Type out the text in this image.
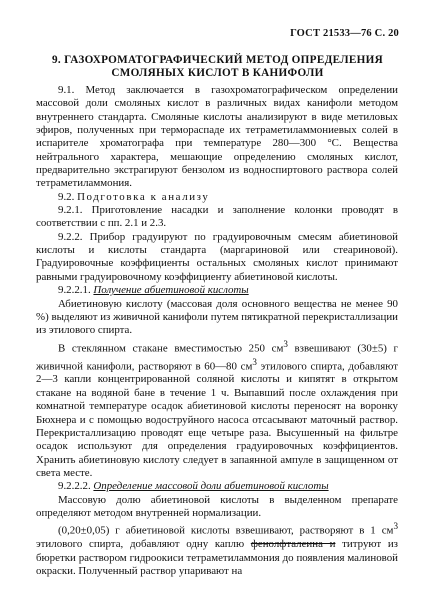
ГОСТ 21533—76 С. 20
9. ГАЗОХРОМАТОГРАФИЧЕСКИЙ МЕТОД ОПРЕДЕЛЕНИЯ
СМОЛЯНЫХ КИСЛОТ В КАНИФОЛИ

9.1. Метод заключается в газохроматографическом определении массовой доли смоляных кислот в различных видах канифоли методом внутреннего стандарта. Смоляные кислоты анализируют в виде метиловых эфиров, полученных при термораспаде их тетраметиламмониевых солей в испарителе хроматографа при температуре 280—300 °С. Вещества нейтрального характера, мешающие определению смоляных кислот, предварительно экстрагируют бензолом из водноспиртового раствора солей тетраметиламмония.

9.2. Подготовка к анализу

9.2.1. Приготовление насадки и заполнение колонки проводят в соответствии с пп. 2.1 и 2.3.

9.2.2. Прибор градуируют по градуировочным смесям абиетиновой кислоты и кислоты стандарта (маргариновой или стеариновой). Градуировочные коэффициенты остальных смоляных кислот принимают равными градуировочному коэффициенту абиетиновой кислоты.

9.2.2.1. Получение абиетиновой кислоты

Абиетиновую кислоту (массовая доля основного вещества не менее 90 %) выделяют из живичной канифоли путем пятикратной перекристаллизации из этилового спирта.

В стеклянном стакане вместимостью 250 $см^3$ взвешивают (30±5) г живичной канифоли, растворяют в 60—80 $см^3$ этилового спирта, добавляют 2—3 капли концентрированной соляной кислоты и кипятят в открытом стакане на водяной бане в течение 1 ч. Выпавший после охлаждения при комнатной температуре осадок абиетиновой кислоты переносят на воронку Бюхнера и с помощью водоструйного насоса отсасывают маточный раствор. Перекристаллизацию проводят еще четыре раза. Высушенный на фильтре осадок используют для определения градуировочных коэффициентов. Хранить абиетиновую кислоту следует в запаянной ампуле в защищенном от света месте.

9.2.2.2. Определение массовой доли абиетиновой кислоты

Массовую долю абиетиновой кислоты в выделенном препарате определяют методом внутренней нормализации.

(0,20±0,05) г абиетиновой кислоты взвешивают, растворяют в 1 $см^3$ этилового спирта, добавляют одну каплю фенолфталеина и титруют из бюретки раствором гидроокиси тетраметиламмония до появления малиновой окраски. Полученный раствор упаривают на
